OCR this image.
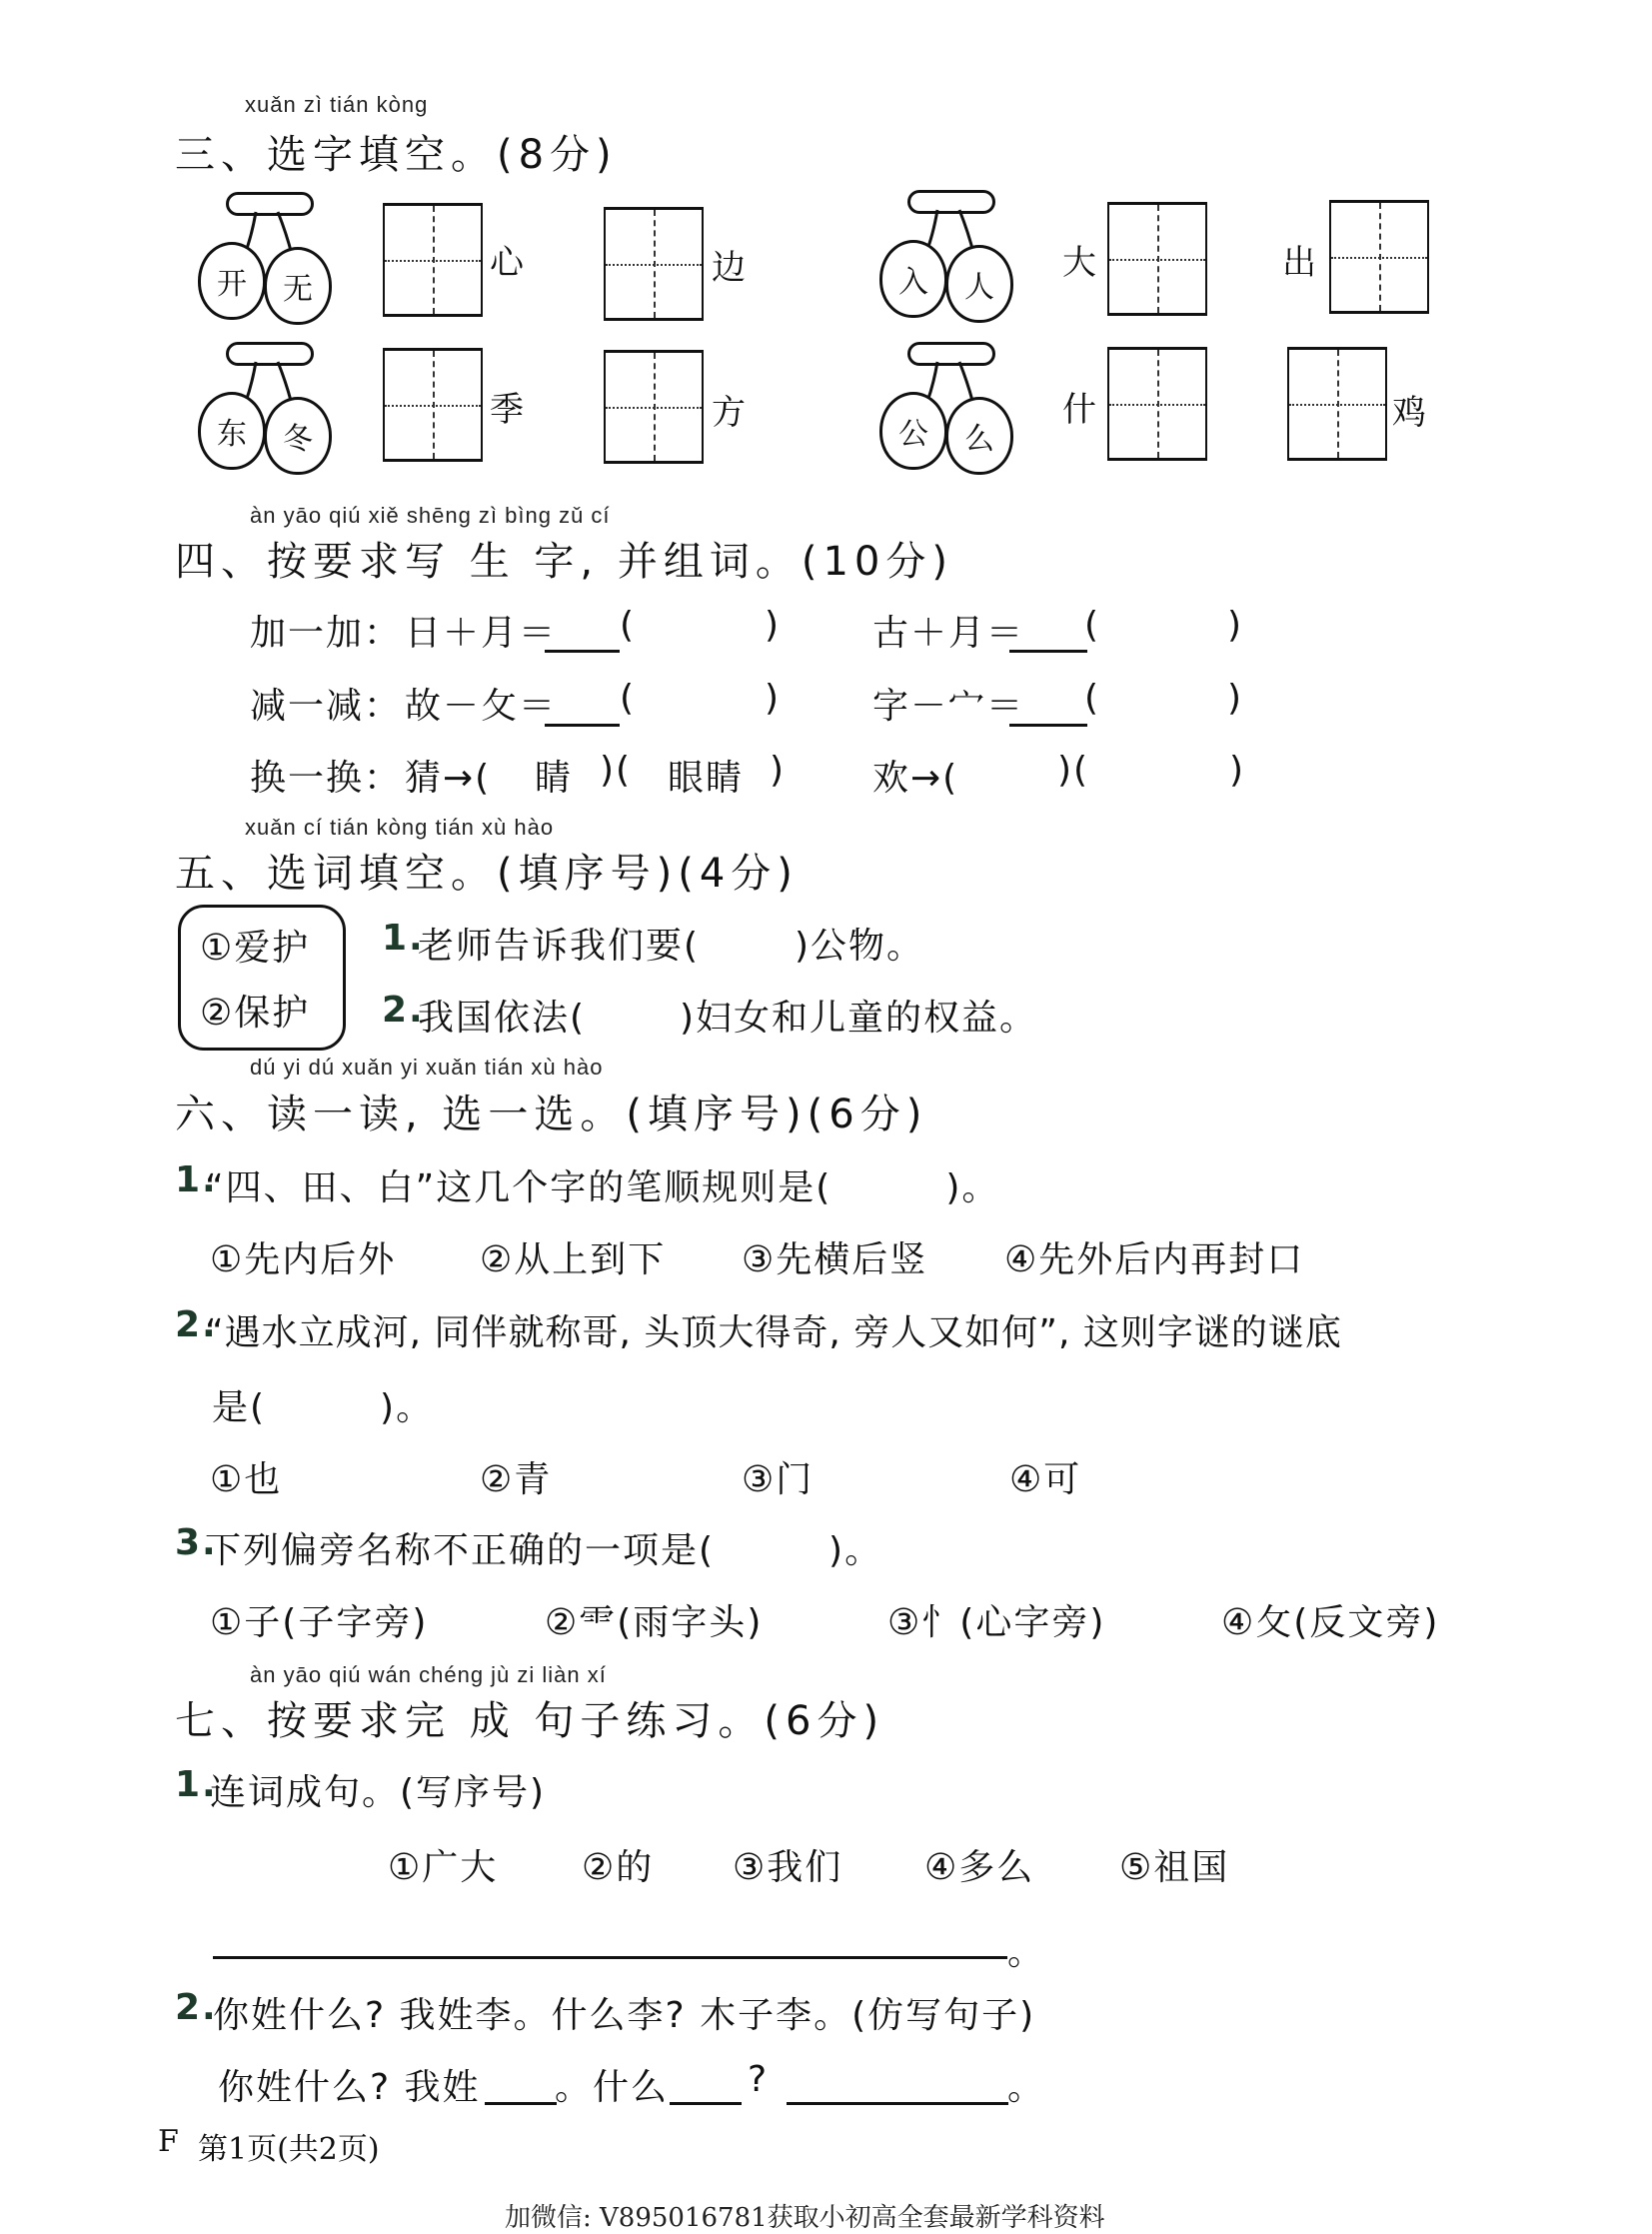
xuǎn zì tián kòng
三、选字填空。(8分)
开	无
心	边	入	人
大	出
东	冬
季	方
公	么
什	鸡
àn yāo qiú xiě shēng zì bìng zǔ cí
四、按要求写 生 字, 并组词。(10分)
加一加： 日＋月＝ (	)	古＋月＝ (	)
减一减： 故－攵＝ (	)	字－宀＝ (	)
换一换： 猜→( 睛 )( 眼睛 ) 欢→(	)(	)
xuǎn cí tián kòng tián xù hào
五、选词填空。(填序号)(4分)
①爱护
②保护
1.
老师告诉我们要(	)公物。
2.
我国依法(	)妇女和儿童的权益。
dú yi dú xuǎn yi xuǎn tián xù hào
六、读一读, 选一选。(填序号)(6分)
1.
“四、田、白”这几个字的笔顺规则是(　　　)。
①先内后外 ②从上到下 ③先横后竖 ④先外后内再封口
2.
“遇水立成河, 同伴就称哥, 头顶大得奇, 旁人又如何”, 这则字谜的谜底
是(　　　)。
①也	②青	③门	④可
3.
下列偏旁名称不正确的一项是(　　　)。
①子(子字旁)	②⻗(雨字头)	③忄(心字旁)	④攵(反文旁)
àn yāo qiú wán chéng jù zi liàn xí
七、按要求完 成 句子练习。(6分)
1.
连词成句。(写序号)
①广大 ②的 ③我们 ④多么 ⑤祖国
。
2.
你姓什么? 我姓李。什么李? 木子李。(仿写句子)
你姓什么? 我姓 。什么 ?	。
F 第1页(共2页)
加微信: V895016781获取小初高全套最新学科资料
